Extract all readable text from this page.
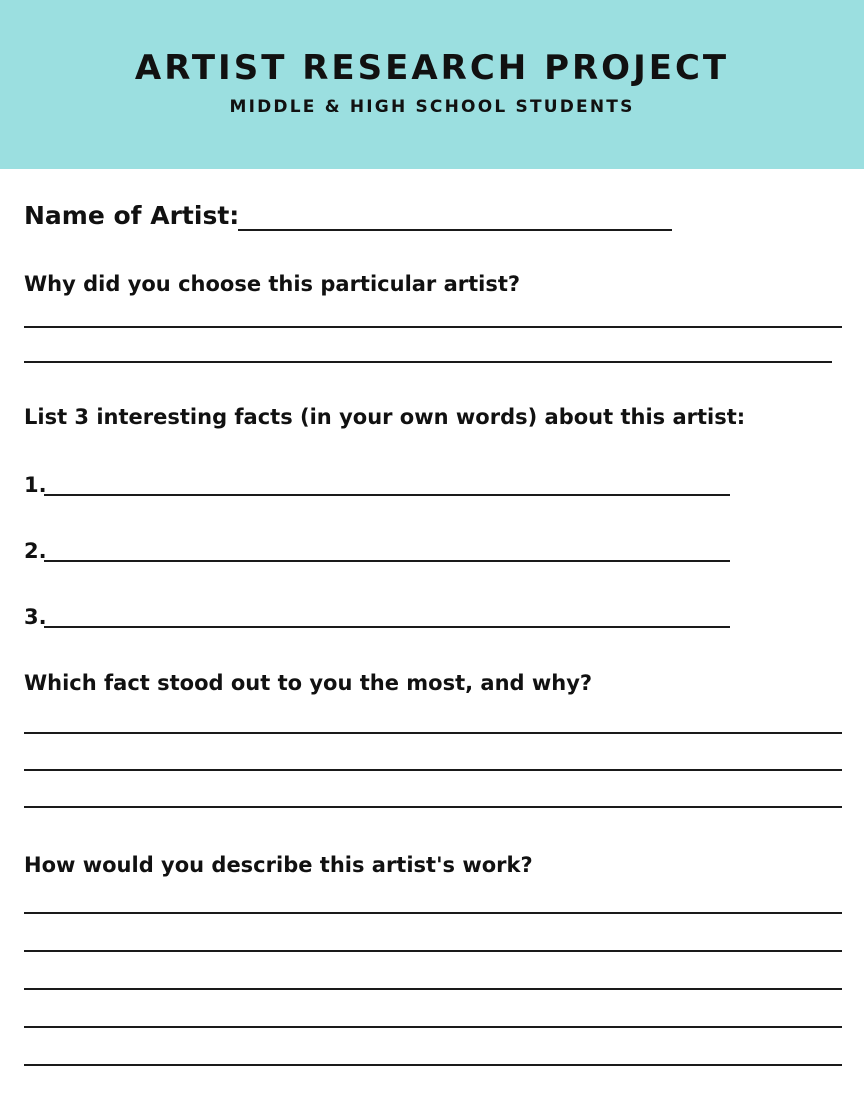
ARTIST RESEARCH PROJECT
MIDDLE & HIGH SCHOOL STUDENTS
Name of Artist:
Why did you choose this particular artist?
List 3 interesting facts (in your own words) about this artist:
1.
2.
3.
Which fact stood out to you the most, and why?
How would you describe this artist's work?
